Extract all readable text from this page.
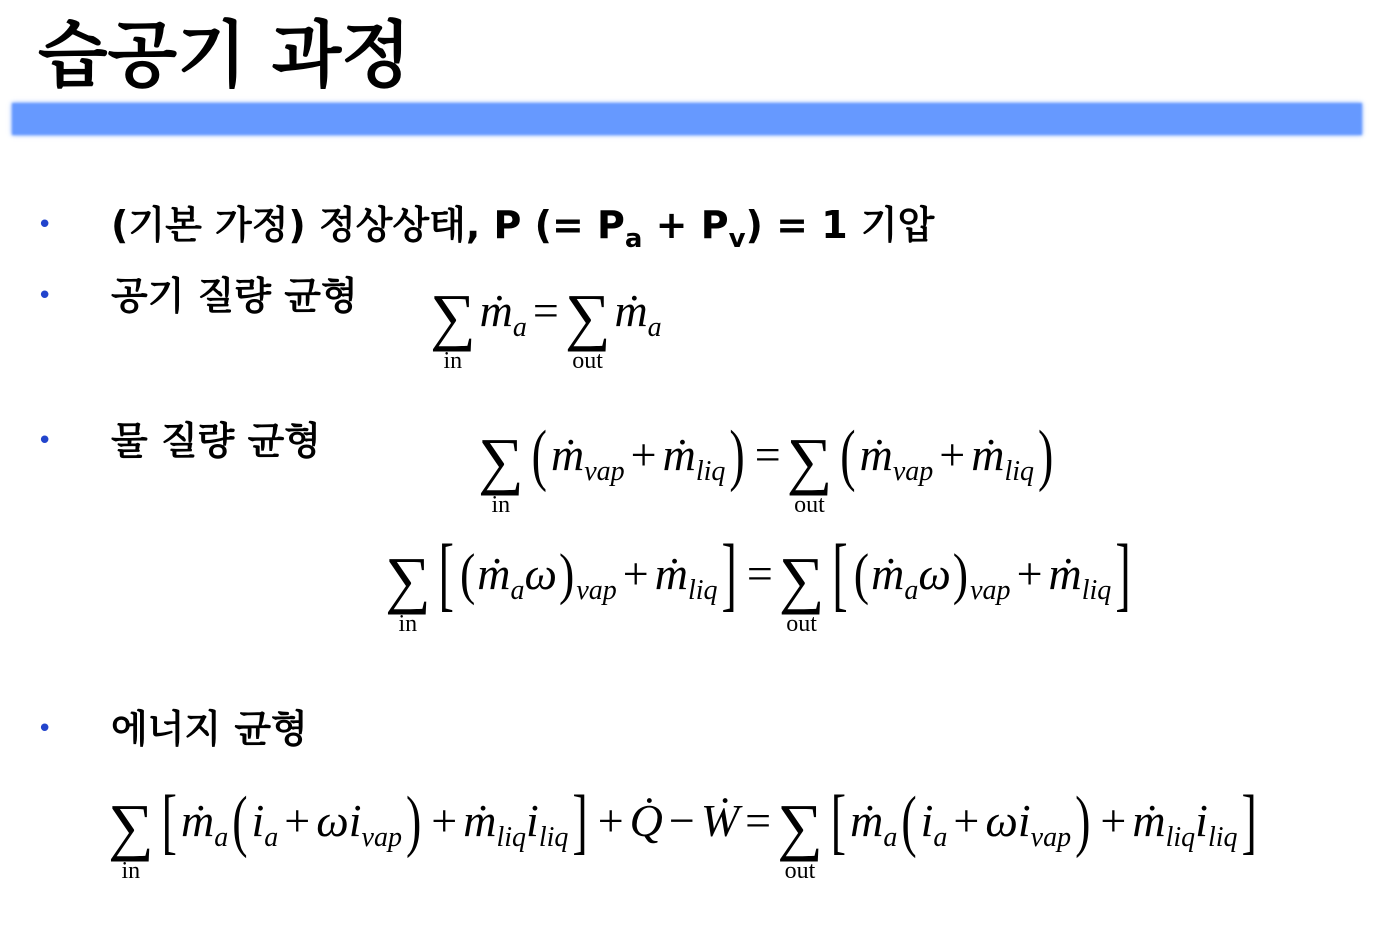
습공기 과정
• (기본 가정) 정상상태, P (= $P_a + P_v) = 1$ 기압
• 공기 질량 균형 ∑
in
ṁ a = ∑
out
ṁ a
• 물 질량 균형 ∑
in
( ṁ vap + ṁ liq ) = ∑
out
( ṁ vap + ṁ liq )
∑
in
[ ( ṁ a ω ) vap + ṁ liq ] = ∑
out
[ ( ṁ a ω ) vap + ṁ liq ]
• 에너지 균형
∑
in
[ ṁ a ( i a + ω i vap ) + ṁ liq i liq ] + Q̇ − Ẇ = ∑
out
[ ṁ a ( i a + ω i vap ) + ṁ liq i liq ]
